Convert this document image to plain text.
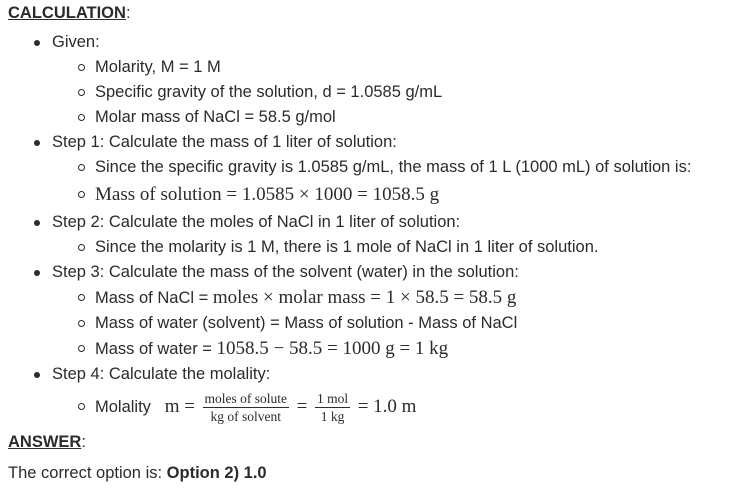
CALCULATION:
Given:
Molarity, M = 1 M
Specific gravity of the solution, d = 1.0585 g/mL
Molar mass of NaCl = 58.5 g/mol
Step 1: Calculate the mass of 1 liter of solution:
Since the specific gravity is 1.0585 g/mL, the mass of 1 L (1000 mL) of solution is:
Mass of solution = 1.0585 × 1000 = 1058.5 g
Step 2: Calculate the moles of NaCl in 1 liter of solution:
Since the molarity is 1 M, there is 1 mole of NaCl in 1 liter of solution.
Step 3: Calculate the mass of the solvent (water) in the solution:
Mass of NaCl = moles × molar mass = 1 × 58.5 = 58.5 g
Mass of water (solvent) = Mass of solution - Mass of NaCl
Mass of water = 1058.5 − 58.5 = 1000 g = 1 kg
Step 4: Calculate the molality:
Molality $m = \frac{\text{moles of solute}}{\text{kg of solvent}} = \frac{\text{1 mol}}{1 kg} = 1.0$ m
ANSWER:
The correct option is: Option 2) 1.0
